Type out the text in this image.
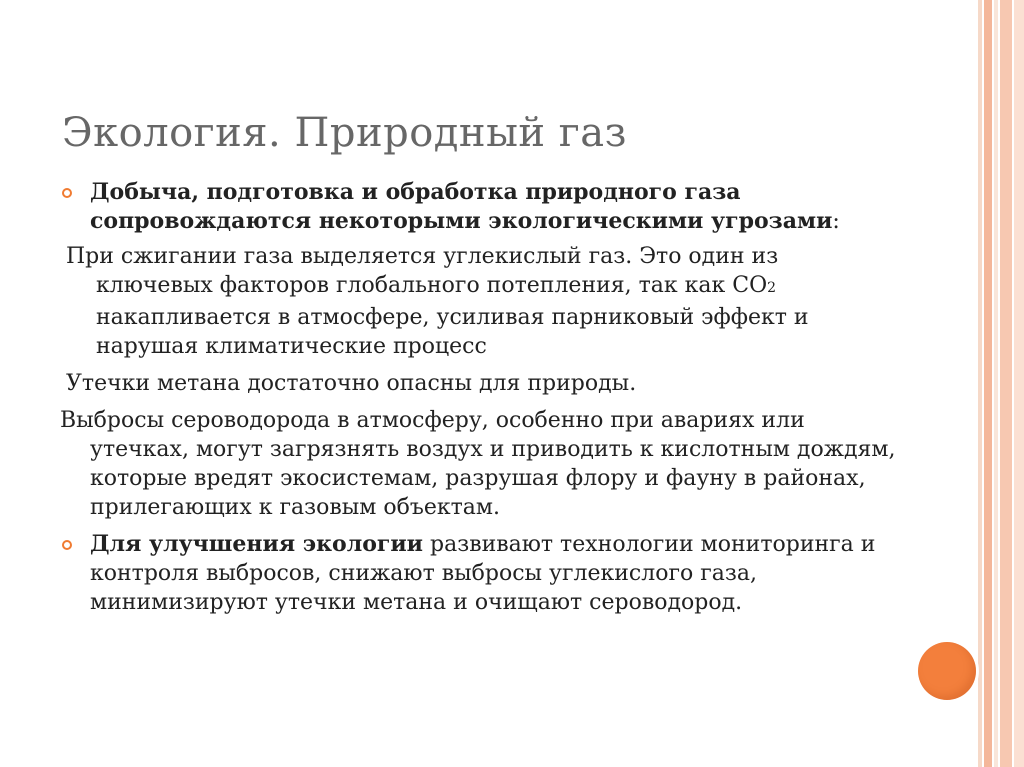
Экология. Природный газ

Добыча, подготовка и обработка природного газа сопровождаются некоторыми экологическими угрозами:

При сжигании газа выделяется углекислый газ. Это один из ключевых факторов глобального потепления, так как CO2 накапливается в атмосфере, усиливая парниковый эффект и нарушая климатические процесс

Утечки метана достаточно опасны для природы.

Выбросы сероводорода в атмосферу, особенно при авариях или утечках, могут загрязнять воздух и приводить к кислотным дождям, которые вредят экосистемам, разрушая флору и фауну в районах, прилегающих к газовым объектам.

Для улучшения экологии развивают технологии мониторинга и контроля выбросов, снижают выбросы углекислого газа, минимизируют утечки метана и очищают сероводород.
